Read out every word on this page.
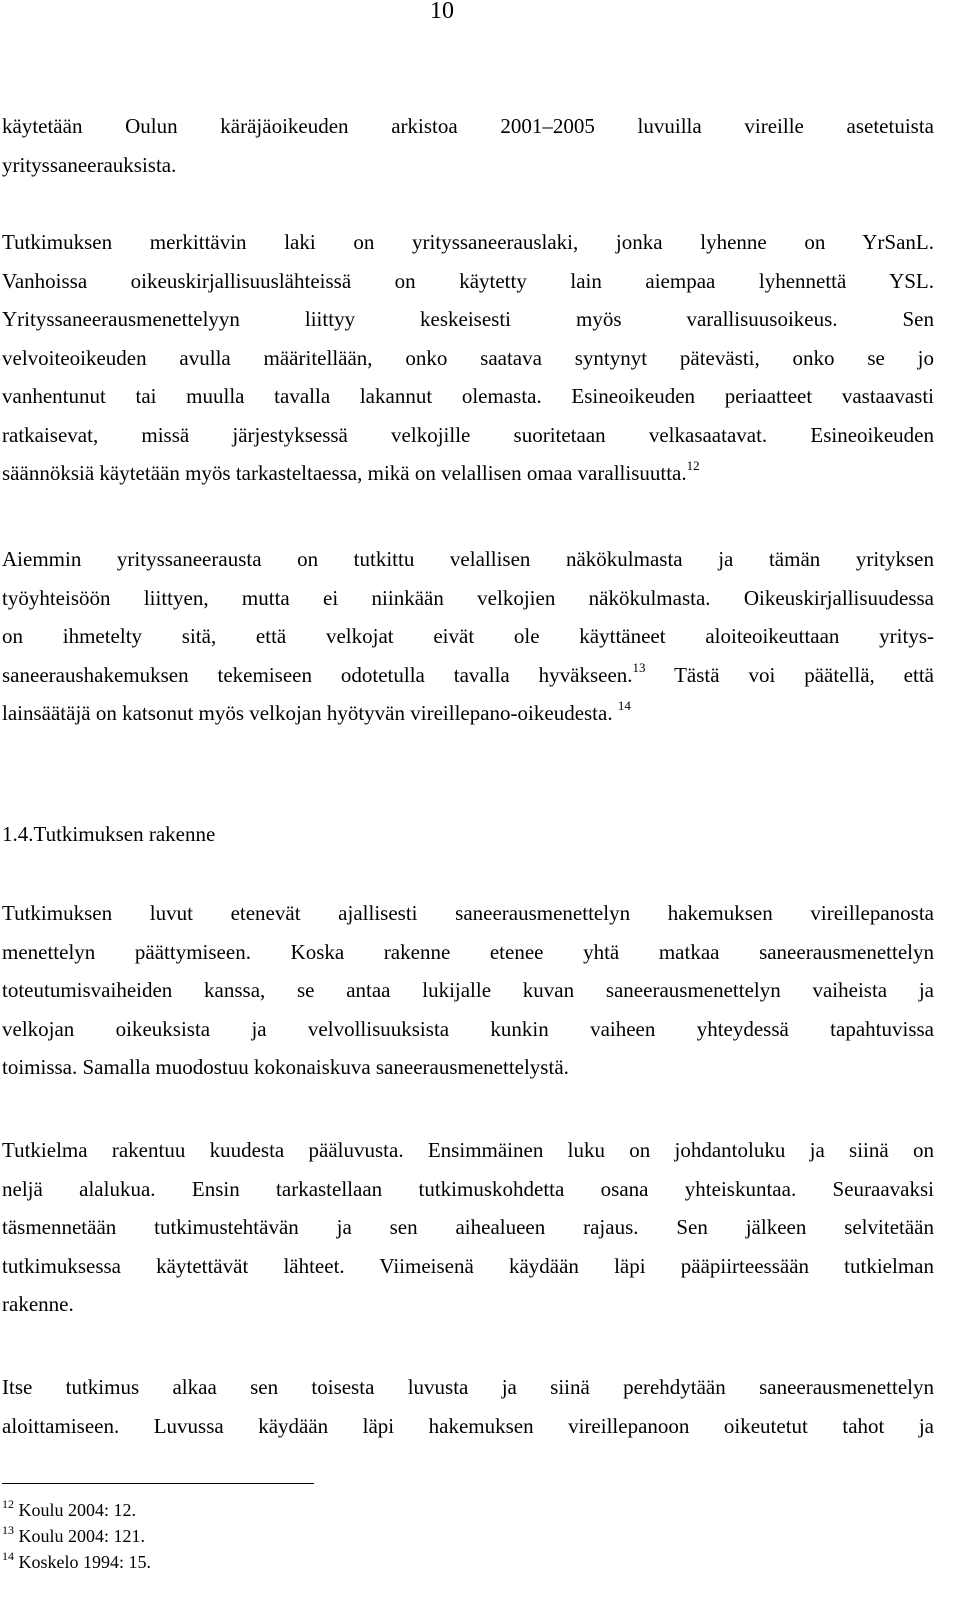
10
käytetään Oulun käräjäoikeuden arkistoa 2001–2005 luvuilla vireille asetetuista
yrityssaneerauksista.
Tutkimuksen merkittävin laki on yrityssaneerauslaki, jonka lyhenne on YrSanL.
Vanhoissa oikeuskirjallisuuslähteissä on käytetty lain aiempaa lyhennettä YSL.
Yrityssaneerausmenettelyyn liittyy keskeisesti myös varallisuusoikeus. Sen
velvoiteoikeuden avulla määritellään, onko saatava syntynyt pätevästi, onko se jo
vanhentunut tai muulla tavalla lakannut olemasta. Esineoikeuden periaatteet vastaavasti
ratkaisevat, missä järjestyksessä velkojille suoritetaan velkasaatavat. Esineoikeuden
säännöksiä käytetään myös tarkasteltaessa, mikä on velallisen omaa varallisuutta.$^{12}$
Aiemmin yrityssaneerausta on tutkittu velallisen näkökulmasta ja tämän yrityksen
työyhteisöön liittyen, mutta ei niinkään velkojien näkökulmasta. Oikeuskirjallisuudessa
on ihmetelty sitä, että velkojat eivät ole käyttäneet aloiteoikeuttaan yritys-
saneeraushakemuksen tekemiseen odotetulla tavalla hyväkseen.$^{13}$ Tästä voi päätellä, että
lainsäätäjä on katsonut myös velkojan hyötyvän vireillepano-oikeudesta. $^{14}$
1.4.Tutkimuksen rakenne
Tutkimuksen luvut etenevät ajallisesti saneerausmenettelyn hakemuksen vireillepanosta
menettelyn päättymiseen. Koska rakenne etenee yhtä matkaa saneerausmenettelyn
toteutumisvaiheiden kanssa, se antaa lukijalle kuvan saneerausmenettelyn vaiheista ja
velkojan oikeuksista ja velvollisuuksista kunkin vaiheen yhteydessä tapahtuvissa
toimissa. Samalla muodostuu kokonaiskuva saneerausmenettelystä.
Tutkielma rakentuu kuudesta pääluvusta. Ensimmäinen luku on johdantoluku ja siinä on
neljä alalukua. Ensin tarkastellaan tutkimuskohdetta osana yhteiskuntaa. Seuraavaksi
täsmennetään tutkimustehtävän ja sen aihealueen rajaus. Sen jälkeen selvitetään
tutkimuksessa käytettävät lähteet. Viimeisenä käydään läpi pääpiirteessään tutkielman
rakenne.
Itse tutkimus alkaa sen toisesta luvusta ja siinä perehdytään saneerausmenettelyn
aloittamiseen. Luvussa käydään läpi hakemuksen vireillepanoon oikeutetut tahot ja
$^{12}$ Koulu 2004: 12.
$^{13}$ Koulu 2004: 121.
$^{14}$ Koskelo 1994: 15.
